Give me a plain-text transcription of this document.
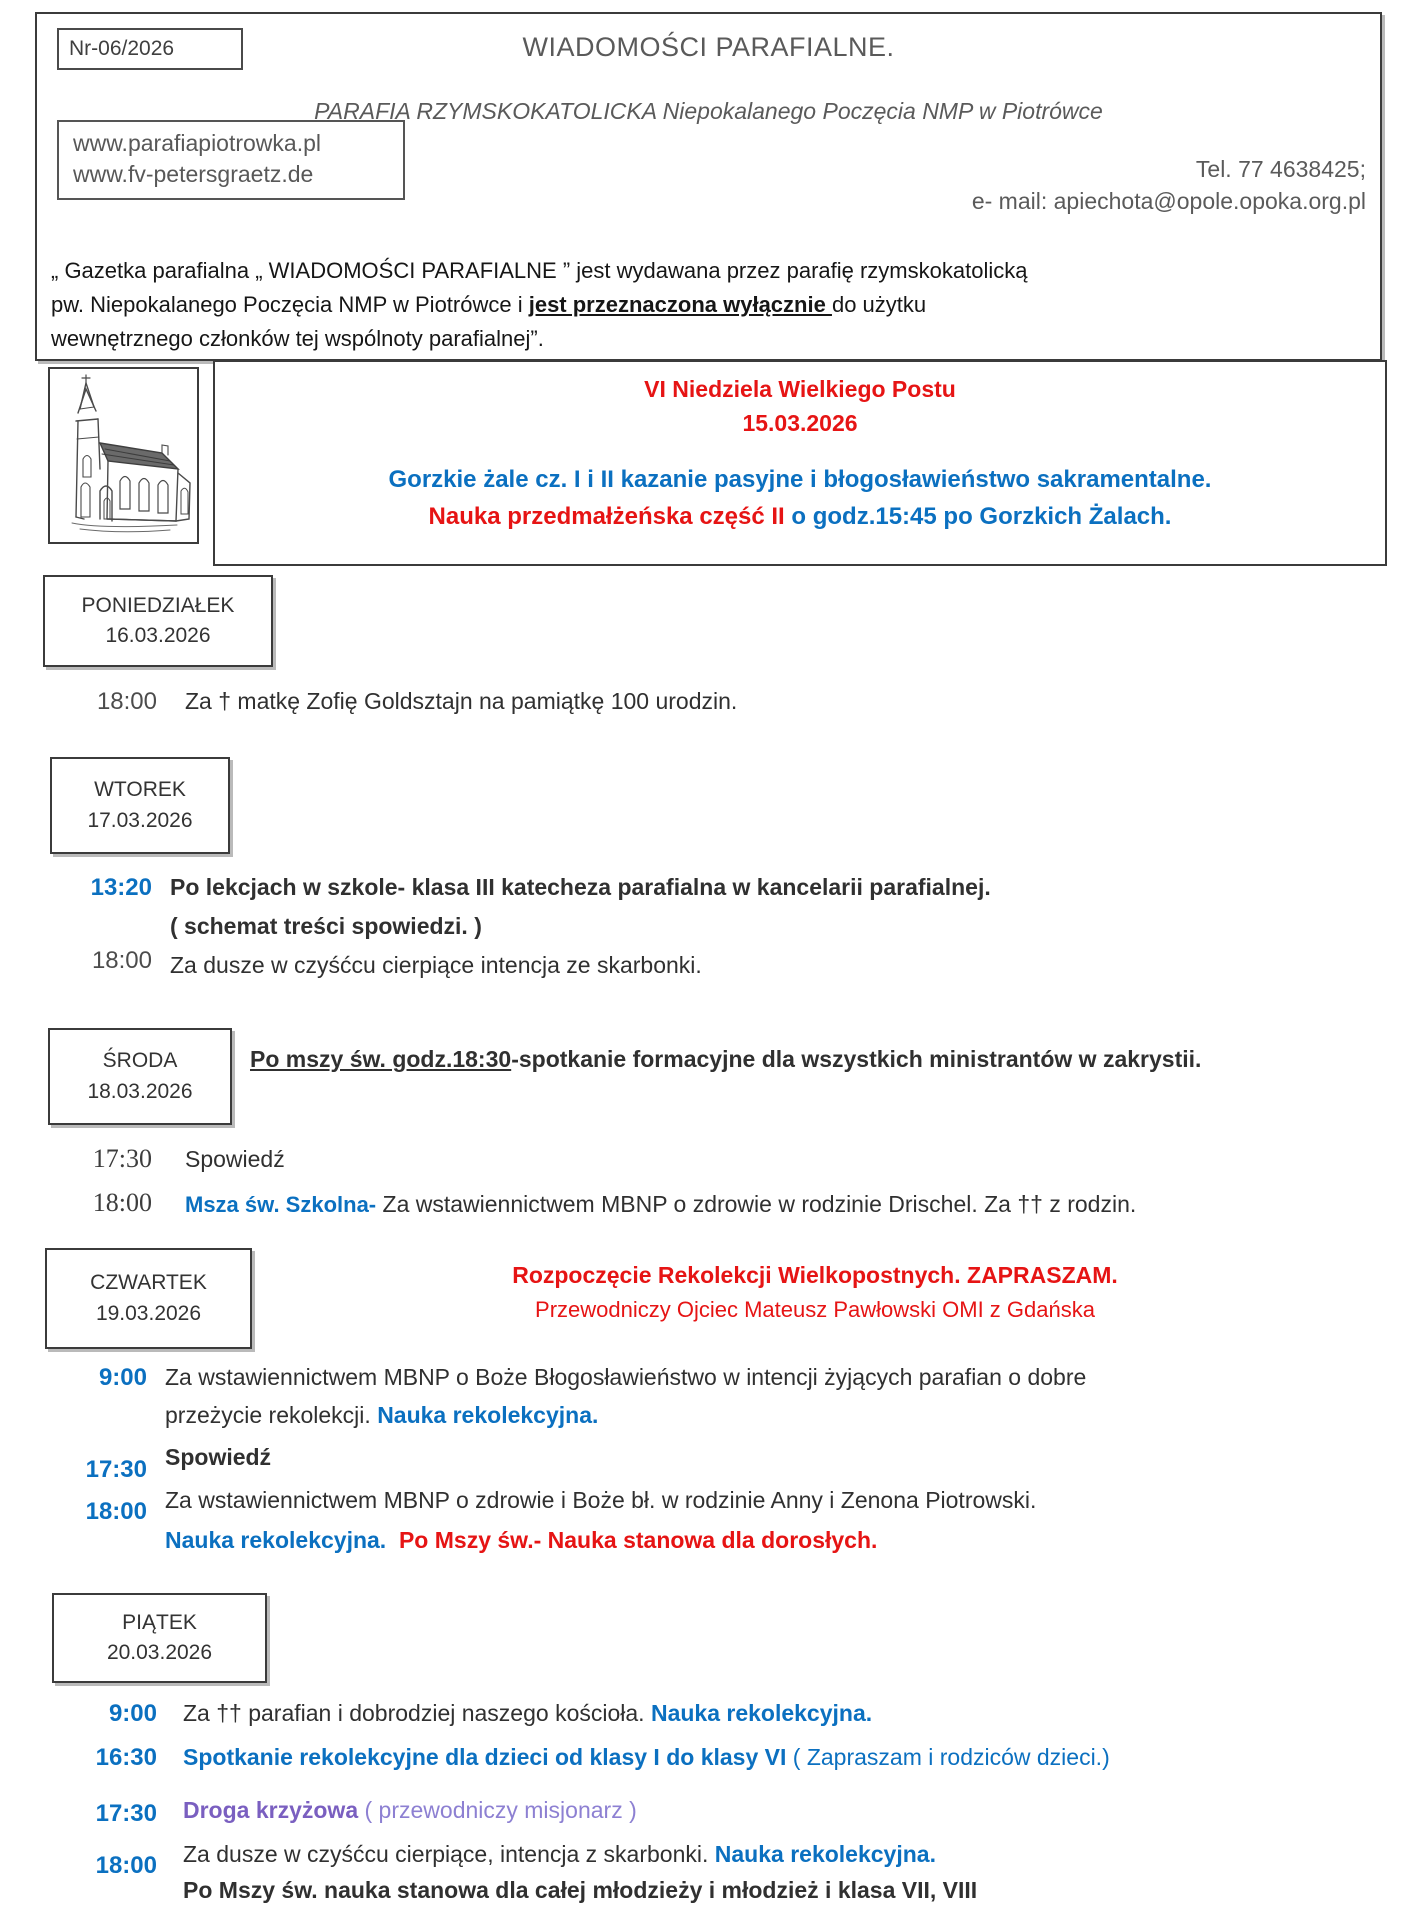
Nr-06/2026	WIADOMOŚCI PARAFIALNE.
PARAFIA RZYMSKOKATOLICKA Niepokalanego Poczęcia NMP w Piotrówce
www.parafiapiotrowka.pl
www.fv-petersgraetz.de	Tel. 77 4638425;
e- mail: apiechota@opole.opoka.org.pl
„ Gazetka parafialna „ WIADOMOŚCI PARAFIALNE ” jest wydawana przez parafię rzymskokatolicką
pw. Niepokalanego Poczęcia NMP w Piotrówce i jest przeznaczona wyłącznie do użytku
wewnętrznego członków tej wspólnoty parafialnej”.
VI Niedziela Wielkiego Postu
15.03.2026
Gorzkie żale cz. I i II kazanie pasyjne i błogosławieństwo sakramentalne.
Nauka przedmałżeńska część II o godz.15:45 po Gorzkich Żalach.
PONIEDZIAŁEK
16.03.2026
18:00 Za † matkę Zofię Goldsztajn na pamiątkę 100 urodzin.
WTOREK
17.03.2026
13:20 Po lekcjach w szkole- klasa III katecheza parafialna w kancelarii parafialnej.
( schemat treści spowiedzi. )
18:00 Za dusze w czyśćcu cierpiące intencja ze skarbonki.
ŚRODA
18.03.2026
Po mszy św. godz.18:30-spotkanie formacyjne dla wszystkich ministrantów w zakrystii.
17:30 Spowiedź
18:00 Msza św. Szkolna- Za wstawiennictwem MBNP o zdrowie w rodzinie Drischel. Za †† z rodzin.
CZWARTEK
19.03.2026
Rozpoczęcie Rekolekcji Wielkopostnych. ZAPRASZAM.
Przewodniczy Ojciec Mateusz Pawłowski OMI z Gdańska
9:00 Za wstawiennictwem MBNP o Boże Błogosławieństwo w intencji żyjących parafian o dobre
przeżycie rekolekcji. Nauka rekolekcyjna.
17:30 Spowiedź
18:00 Za wstawiennictwem MBNP o zdrowie i Boże bł. w rodzinie Anny i Zenona Piotrowski.
Nauka rekolekcyjna.  Po Mszy św.- Nauka stanowa dla dorosłych.
PIĄTEK
20.03.2026
9:00 Za †† parafian i dobrodziej naszego kościoła. Nauka rekolekcyjna.
16:30 Spotkanie rekolekcyjne dla dzieci od klasy I do klasy VI ( Zapraszam i rodziców dzieci.)
17:30 Droga krzyżowa ( przewodniczy misjonarz )
18:00 Za dusze w czyśćcu cierpiące, intencja z skarbonki. Nauka rekolekcyjna.
Po Mszy św. nauka stanowa dla całej młodzieży i młodzież i klasa VII, VIII
